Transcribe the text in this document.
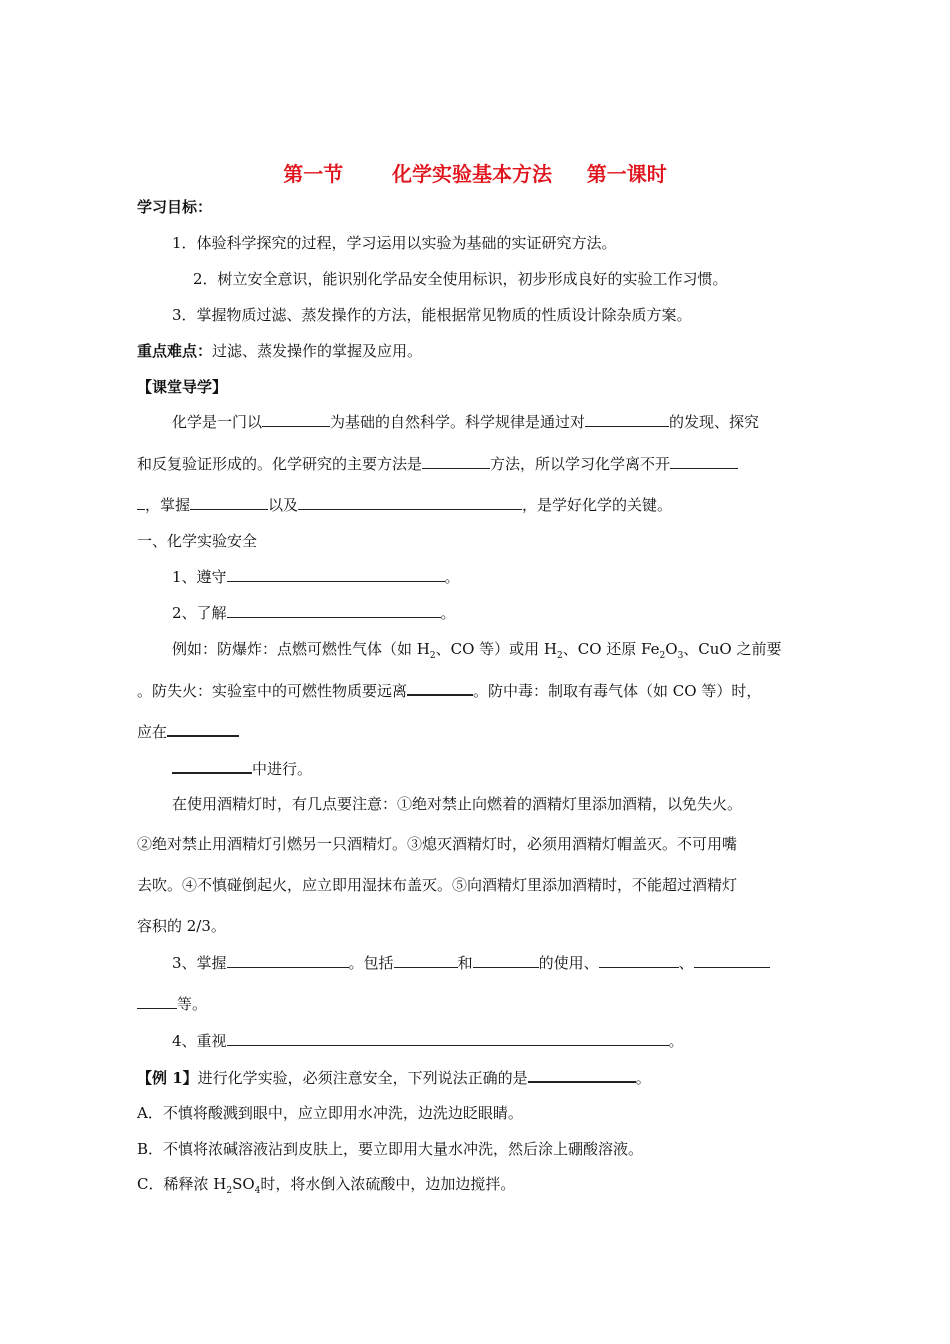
第一节       化学实验基本方法     第一课时
学习目标：
1．体验科学探究的过程，学习运用以实验为基础的实证研究方法。
2．树立安全意识，能识别化学品安全使用标识，初步形成良好的实验工作习惯。
3．掌握物质过滤、蒸发操作的方法，能根据常见物质的性质设计除杂质方案。
重点难点：过滤、蒸发操作的掌握及应用。
【课堂导学】
化学是一门以	为基础的自然科学。科学规律是通过对	的发现、探究
和反复验证形成的。化学研究的主要方法是	方法，所以学习化学离不开
，掌握	以及	，是学好化学的关键。
一、化学实验安全
1、遵守	。
2、了解	。
例如：防爆炸：点燃可燃性气体（如 $H_2$、CO 等）或用 $H_2$、CO 还原 $Fe_2O_3$、CuO 之前要
。防失火：实验室中的可燃性物质要远离	。防中毒：制取有毒气体（如 CO 等）时，
应在
中进行。
在使用酒精灯时，有几点要注意：①绝对禁止向燃着的酒精灯里添加酒精，以免失火。
②绝对禁止用酒精灯引燃另一只酒精灯。③熄灭酒精灯时，必须用酒精灯帽盖灭。不可用嘴
去吹。④不慎碰倒起火，应立即用湿抹布盖灭。⑤向酒精灯里添加酒精时，不能超过酒精灯
容积的 2/3。
3、掌握	。包括	和	的使用、	、
等。
4、重视	。
【例 1】进行化学实验，必须注意安全，下列说法正确的是	。
A．不慎将酸溅到眼中，应立即用水冲洗，边洗边眨眼睛。
B．不慎将浓碱溶液沾到皮肤上，要立即用大量水冲洗，然后涂上硼酸溶液。
C．稀释浓 $H_2SO_4$时，将水倒入浓硫酸中，边加边搅拌。
